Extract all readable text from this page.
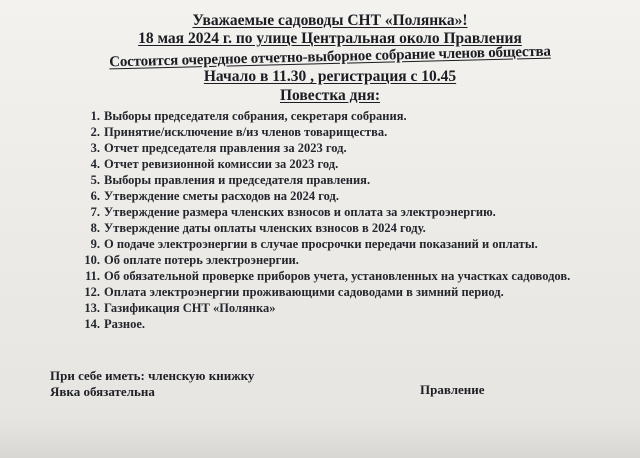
Уважаемые садоводы СНТ «Полянка»!
18 мая 2024 г. по улице Центральная около Правления
Состоится очередное отчетно-выборное собрание членов общества
Начало в 11.30 , регистрация с 10.45
Повестка дня:
1. Выборы председателя собрания, секретаря собрания.
2. Принятие/исключение в/из членов товарищества.
3. Отчет председателя правления за 2023 год.
4. Отчет ревизионной комиссии за 2023 год.
5. Выборы правления и председателя правления.
6. Утверждение сметы расходов на 2024 год.
7. Утверждение размера членских взносов и оплата за электроэнергию.
8. Утверждение даты оплаты членских взносов в 2024 году.
9. О подаче электроэнергии в случае просрочки передачи показаний и оплаты.
10. Об оплате потерь электроэнергии.
11. Об обязательной проверке приборов учета, установленных на участках садоводов.
12. Оплата электроэнергии проживающими садоводами в зимний период.
13. Газификация СНТ «Полянка»
14. Разное.
При себе иметь: членскую книжку
Явка обязательна	Правление
